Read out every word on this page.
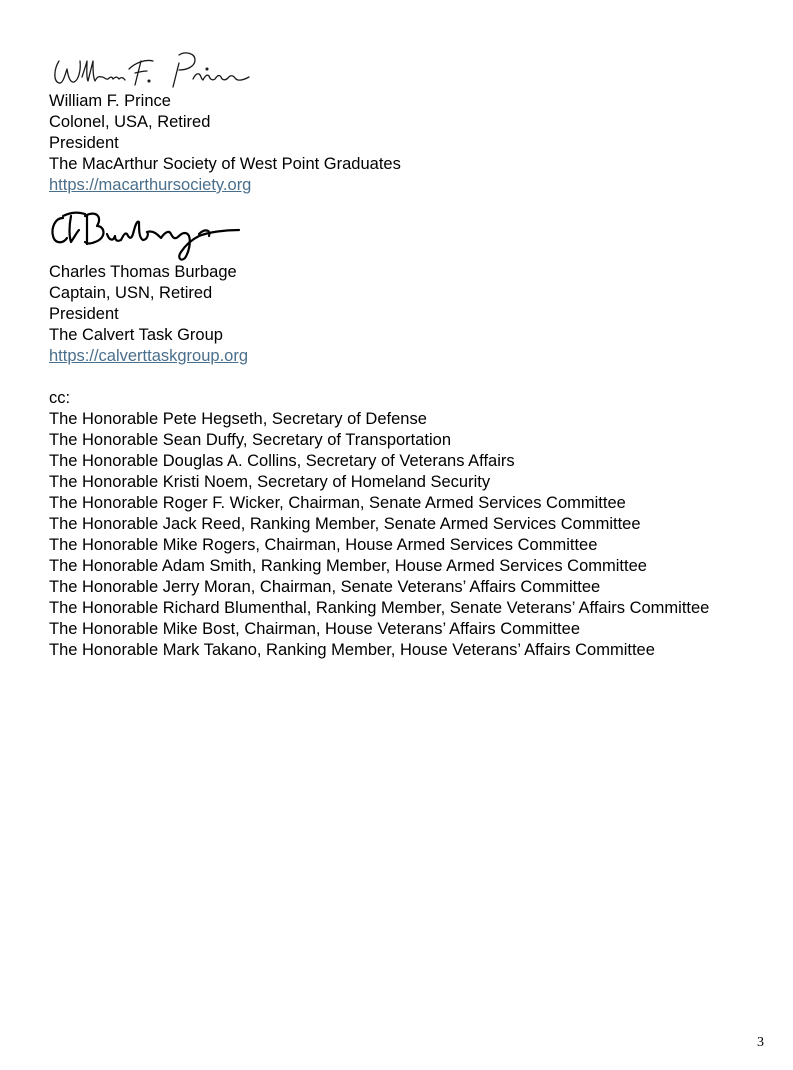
William F. Prince
Colonel, USA, Retired
President
The MacArthur Society of West Point Graduates
https://macarthursociety.org
Charles Thomas Burbage
Captain, USN, Retired
President
The Calvert Task Group
https://calverttaskgroup.org
cc:
The Honorable Pete Hegseth, Secretary of Defense
The Honorable Sean Duffy, Secretary of Transportation
The Honorable Douglas A. Collins, Secretary of Veterans Affairs
The Honorable Kristi Noem, Secretary of Homeland Security
The Honorable Roger F. Wicker, Chairman, Senate Armed Services Committee
The Honorable Jack Reed, Ranking Member, Senate Armed Services Committee
The Honorable Mike Rogers, Chairman, House Armed Services Committee
The Honorable Adam Smith, Ranking Member, House Armed Services Committee
The Honorable Jerry Moran, Chairman, Senate Veterans’ Affairs Committee
The Honorable Richard Blumenthal, Ranking Member, Senate Veterans’ Affairs Committee
The Honorable Mike Bost, Chairman, House Veterans’ Affairs Committee
The Honorable Mark Takano, Ranking Member, House Veterans’ Affairs Committee
3
